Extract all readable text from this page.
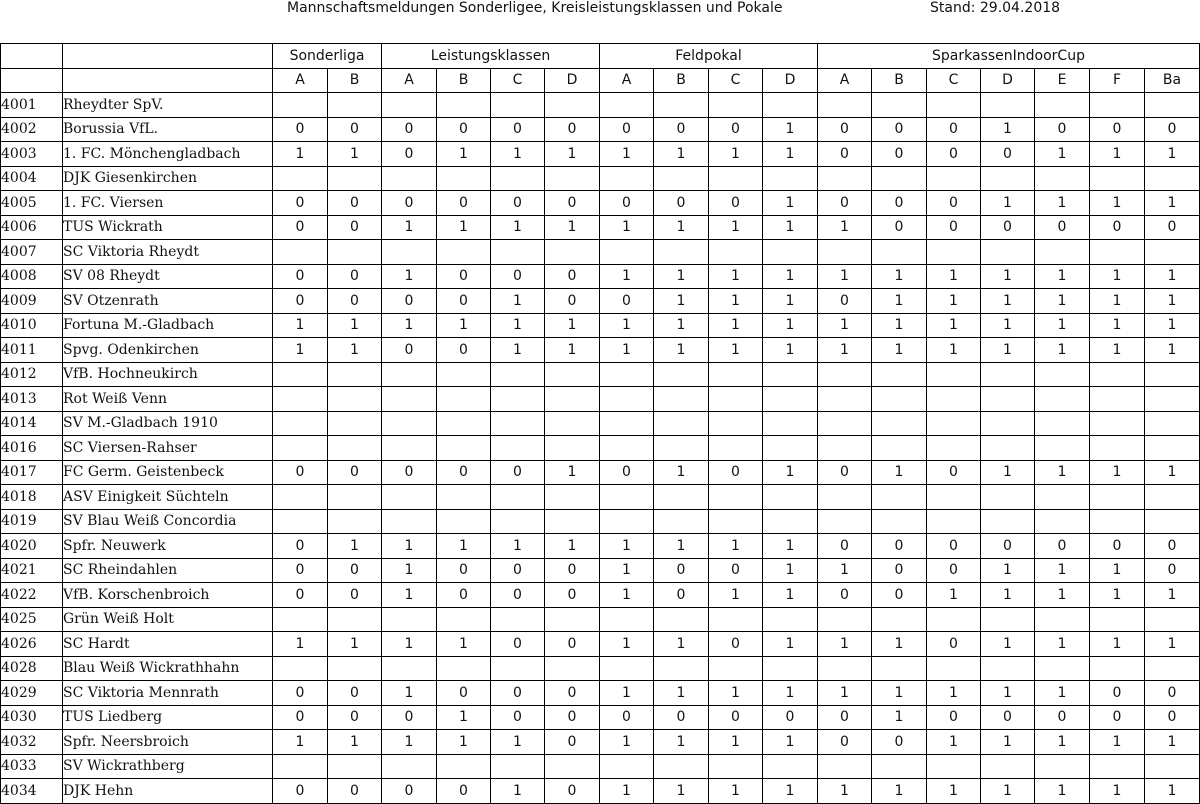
Mannschaftsmeldungen Sonderligee, Kreisleistungsklassen und Pokale	Stand: 29.04.2018
		Sonderliga		Leistungsklassen				Feldpokal				SparkassenIndoorCup						
		A	B	A	B	C	D	A	B	C	D	A	B	C	D	E	F	Ba
4001	Rheydter SpV.																	
4002	Borussia VfL.	0	0	0	0	0	0	0	0	0	1	0	0	0	1	0	0	0
4003	1. FC. Mönchengladbach	1	1	0	1	1	1	1	1	1	1	0	0	0	0	1	1	1
4004	DJK Giesenkirchen																	
4005	1. FC. Viersen	0	0	0	0	0	0	0	0	0	1	0	0	0	1	1	1	1
4006	TUS Wickrath	0	0	1	1	1	1	1	1	1	1	1	0	0	0	0	0	0
4007	SC Viktoria Rheydt																	
4008	SV 08 Rheydt	0	0	1	0	0	0	1	1	1	1	1	1	1	1	1	1	1
4009	SV Otzenrath	0	0	0	0	1	0	0	1	1	1	0	1	1	1	1	1	1
4010	Fortuna M.-Gladbach	1	1	1	1	1	1	1	1	1	1	1	1	1	1	1	1	1
4011	Spvg. Odenkirchen	1	1	0	0	1	1	1	1	1	1	1	1	1	1	1	1	1
4012	VfB. Hochneukirch																	
4013	Rot Weiß Venn																	
4014	SV M.-Gladbach 1910																	
4016	SC Viersen-Rahser																	
4017	FC Germ. Geistenbeck	0	0	0	0	0	1	0	1	0	1	0	1	0	1	1	1	1
4018	ASV Einigkeit Süchteln																	
4019	SV Blau Weiß Concordia																	
4020	Spfr. Neuwerk	0	1	1	1	1	1	1	1	1	1	0	0	0	0	0	0	0
4021	SC Rheindahlen	0	0	1	0	0	0	1	0	0	1	1	0	0	1	1	1	0
4022	VfB. Korschenbroich	0	0	1	0	0	0	1	0	1	1	0	0	1	1	1	1	1
4025	Grün Weiß Holt																	
4026	SC Hardt	1	1	1	1	0	0	1	1	0	1	1	1	0	1	1	1	1
4028	Blau Weiß Wickrathhahn																	
4029	SC Viktoria Mennrath	0	0	1	0	0	0	1	1	1	1	1	1	1	1	1	0	0
4030	TUS Liedberg	0	0	0	1	0	0	0	0	0	0	0	1	0	0	0	0	0
4032	Spfr. Neersbroich	1	1	1	1	1	0	1	1	1	1	0	0	1	1	1	1	1
4033	SV Wickrathberg																	
4034	DJK Hehn	0	0	0	0	1	0	1	1	1	1	1	1	1	1	1	1	1
